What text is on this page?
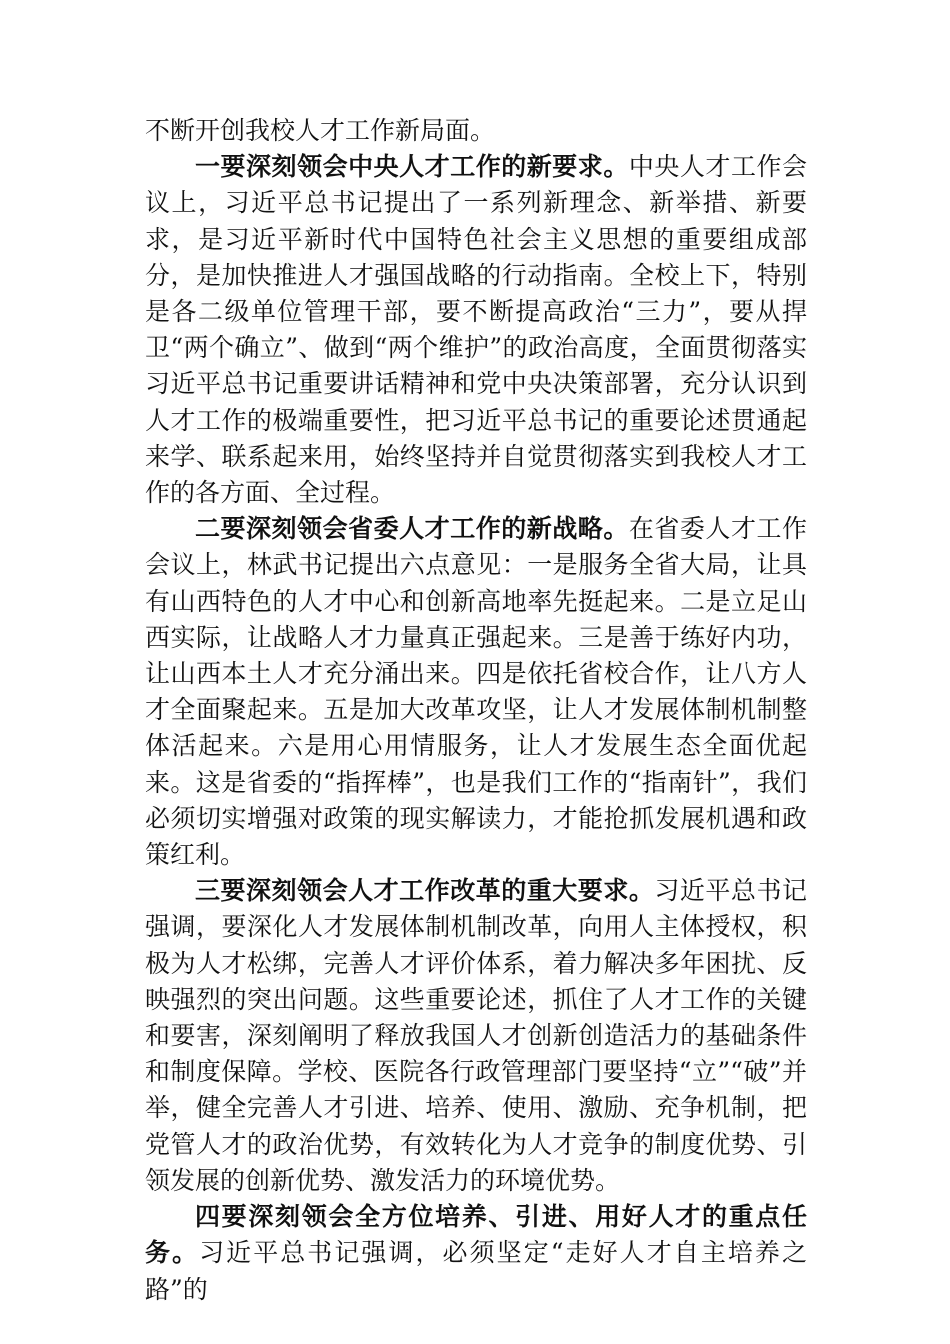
不断开创我校人才工作新局面。

一要深刻领会中央人才工作的新要求。中央人才工作会议上，习近平总书记提出了一系列新理念、新举措、新要求，是习近平新时代中国特色社会主义思想的重要组成部分，是加快推进人才强国战略的行动指南。全校上下，特别是各二级单位管理干部，要不断提高政治“三力”，要从捍卫“两个确立”、做到“两个维护”的政治高度，全面贯彻落实习近平总书记重要讲话精神和党中央决策部署，充分认识到人才工作的极端重要性，把习近平总书记的重要论述贯通起来学、联系起来用，始终坚持并自觉贯彻落实到我校人才工作的各方面、全过程。

二要深刻领会省委人才工作的新战略。在省委人才工作会议上，林武书记提出六点意见：一是服务全省大局，让具有山西特色的人才中心和创新高地率先挺起来。二是立足山西实际，让战略人才力量真正强起来。三是善于练好内功，让山西本土人才充分涌出来。四是依托省校合作，让八方人才全面聚起来。五是加大改革攻坚，让人才发展体制机制整体活起来。六是用心用情服务，让人才发展生态全面优起来。这是省委的“指挥棒”，也是我们工作的“指南针”，我们必须切实增强对政策的现实解读力，才能抢抓发展机遇和政策红利。

三要深刻领会人才工作改革的重大要求。习近平总书记强调，要深化人才发展体制机制改革，向用人主体授权，积极为人才松绑，完善人才评价体系，着力解决多年困扰、反映强烈的突出问题。这些重要论述，抓住了人才工作的关键和要害，深刻阐明了释放我国人才创新创造活力的基础条件和制度保障。学校、医院各行政管理部门要坚持“立”“破”并举，健全完善人才引进、培养、使用、激励、充争机制，把党管人才的政治优势，有效转化为人才竞争的制度优势、引领发展的创新优势、激发活力的环境优势。

四要深刻领会全方位培养、引进、用好人才的重点任务。习近平总书记强调，必须坚定“走好人才自主培养之路”的
